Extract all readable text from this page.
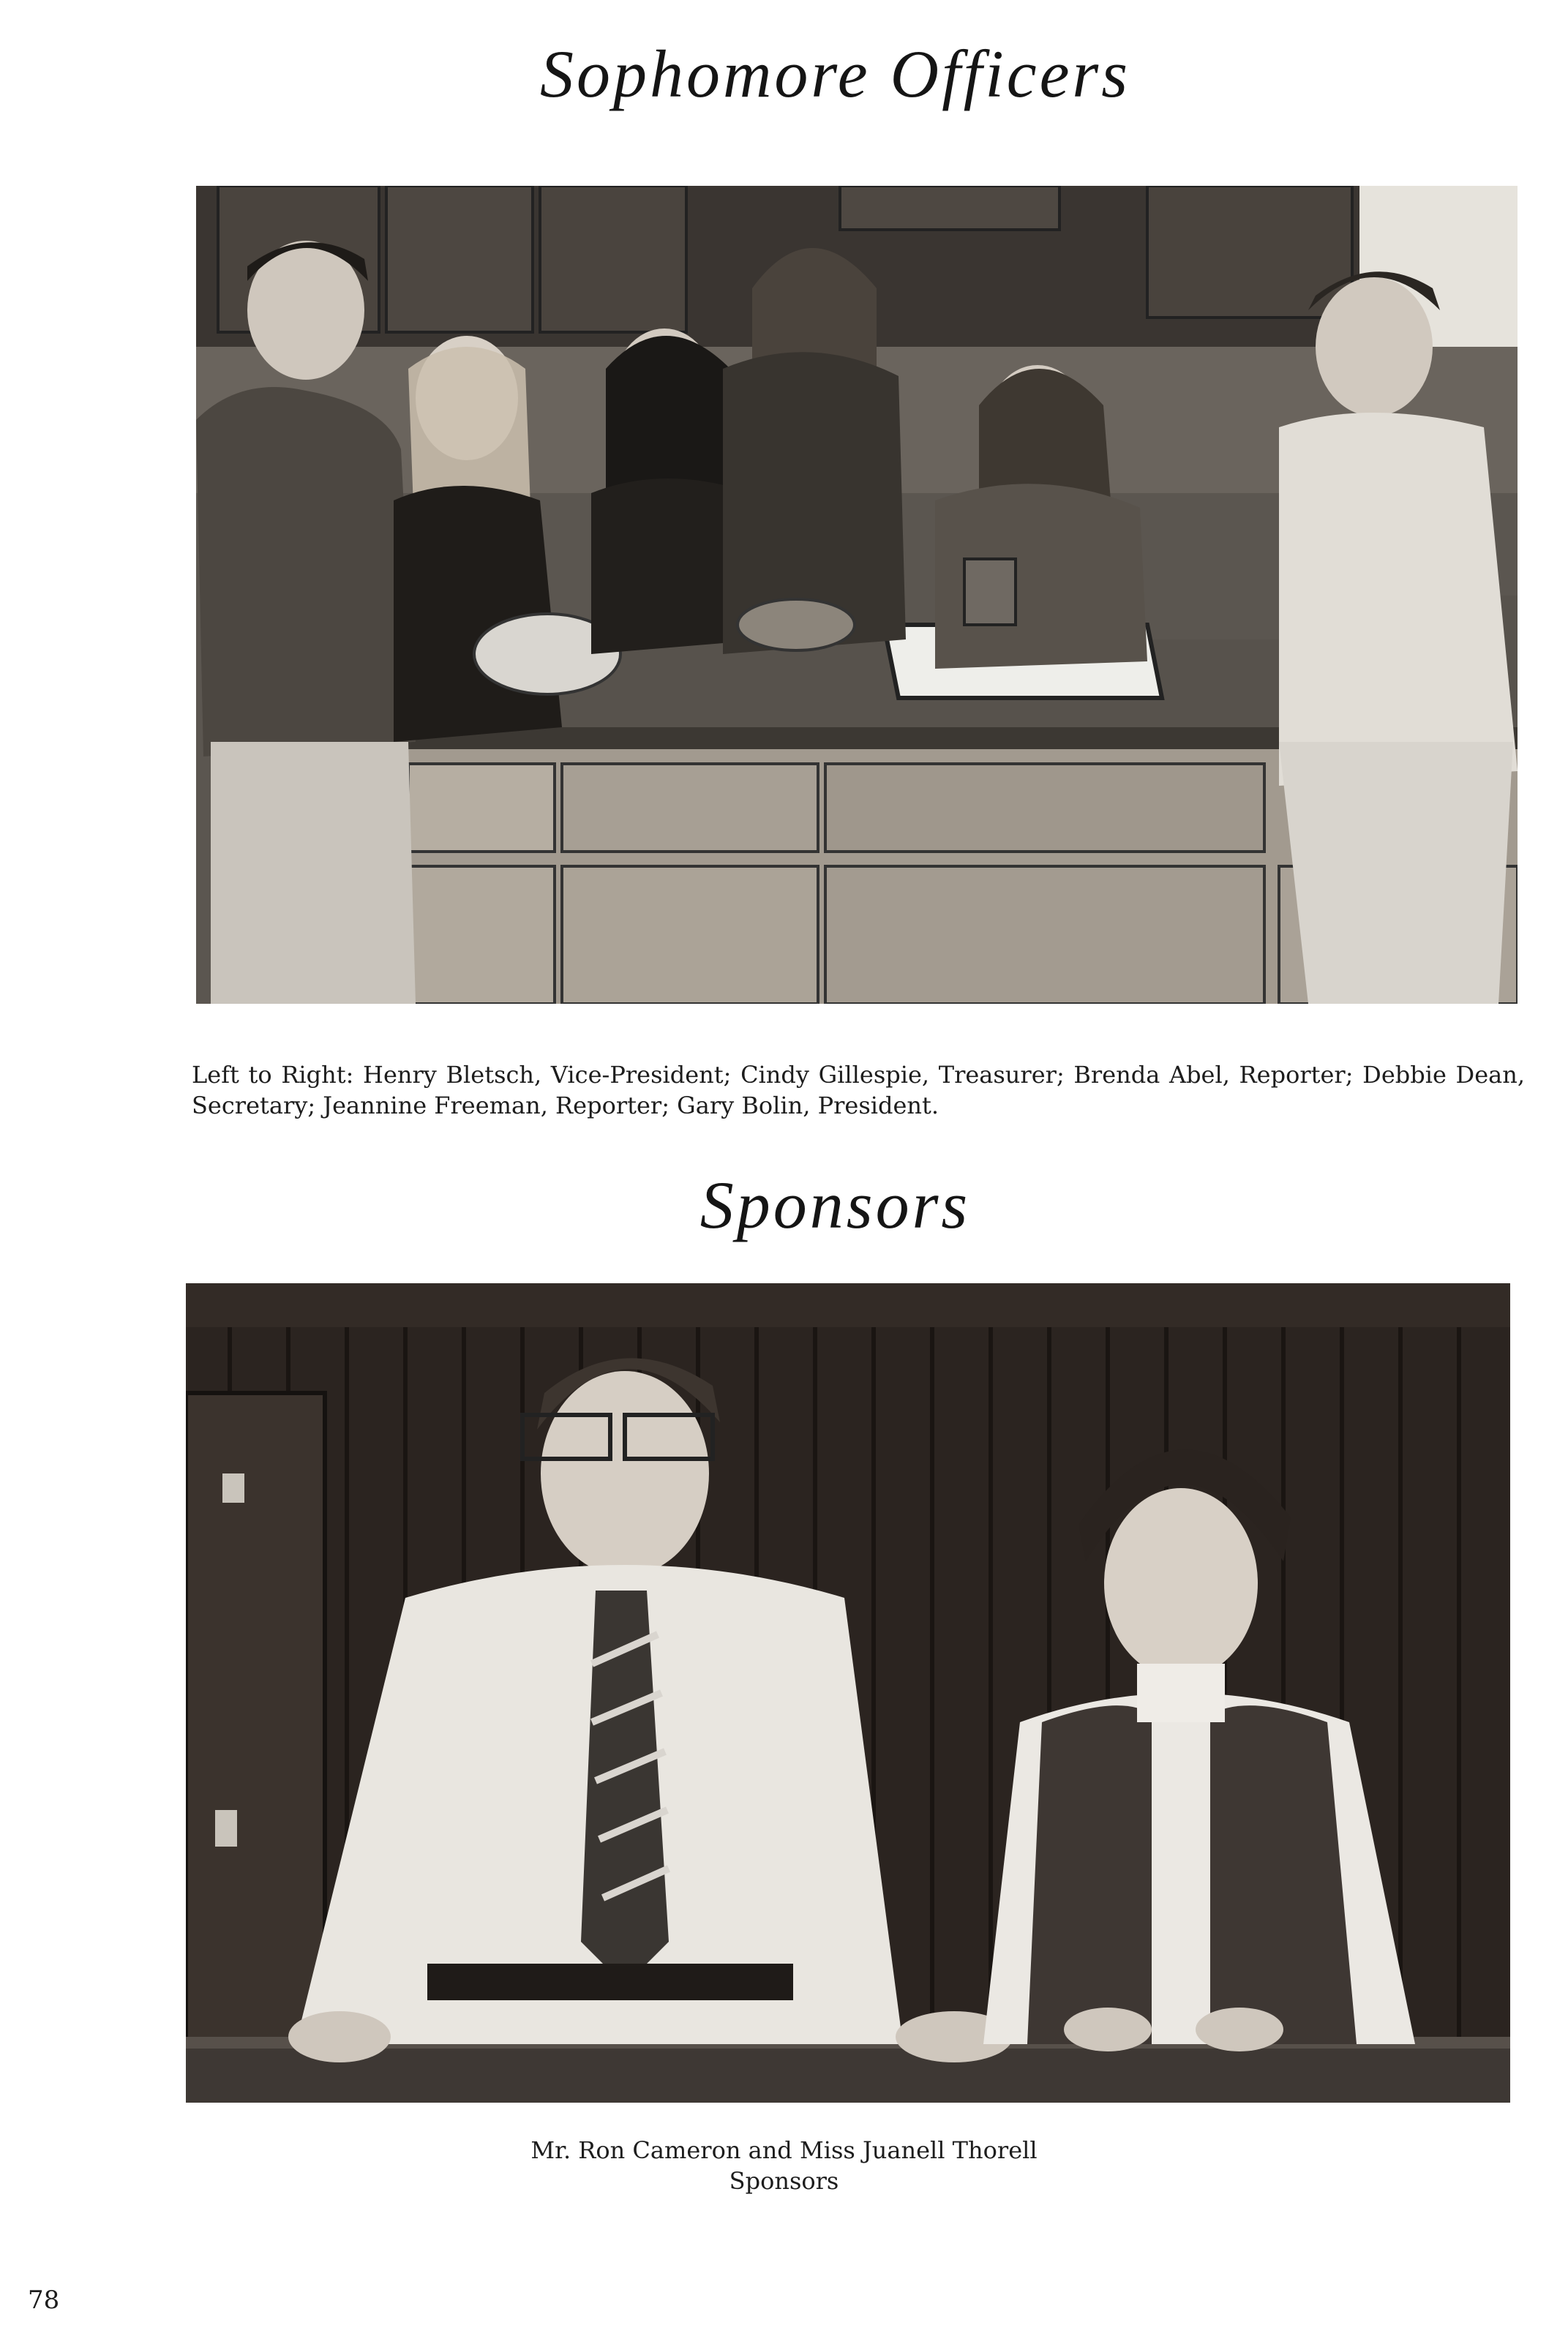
Sophomore Officers

Left to Right: Henry Bletsch, Vice-President; Cindy Gillespie, Treasurer; Brenda Abel, Reporter; Debbie Dean, Secretary; Jeannine Freeman, Reporter; Gary Bolin, President.

Sponsors
Mr. Ron Cameron and Miss Juanell Thorell
Sponsors
78
